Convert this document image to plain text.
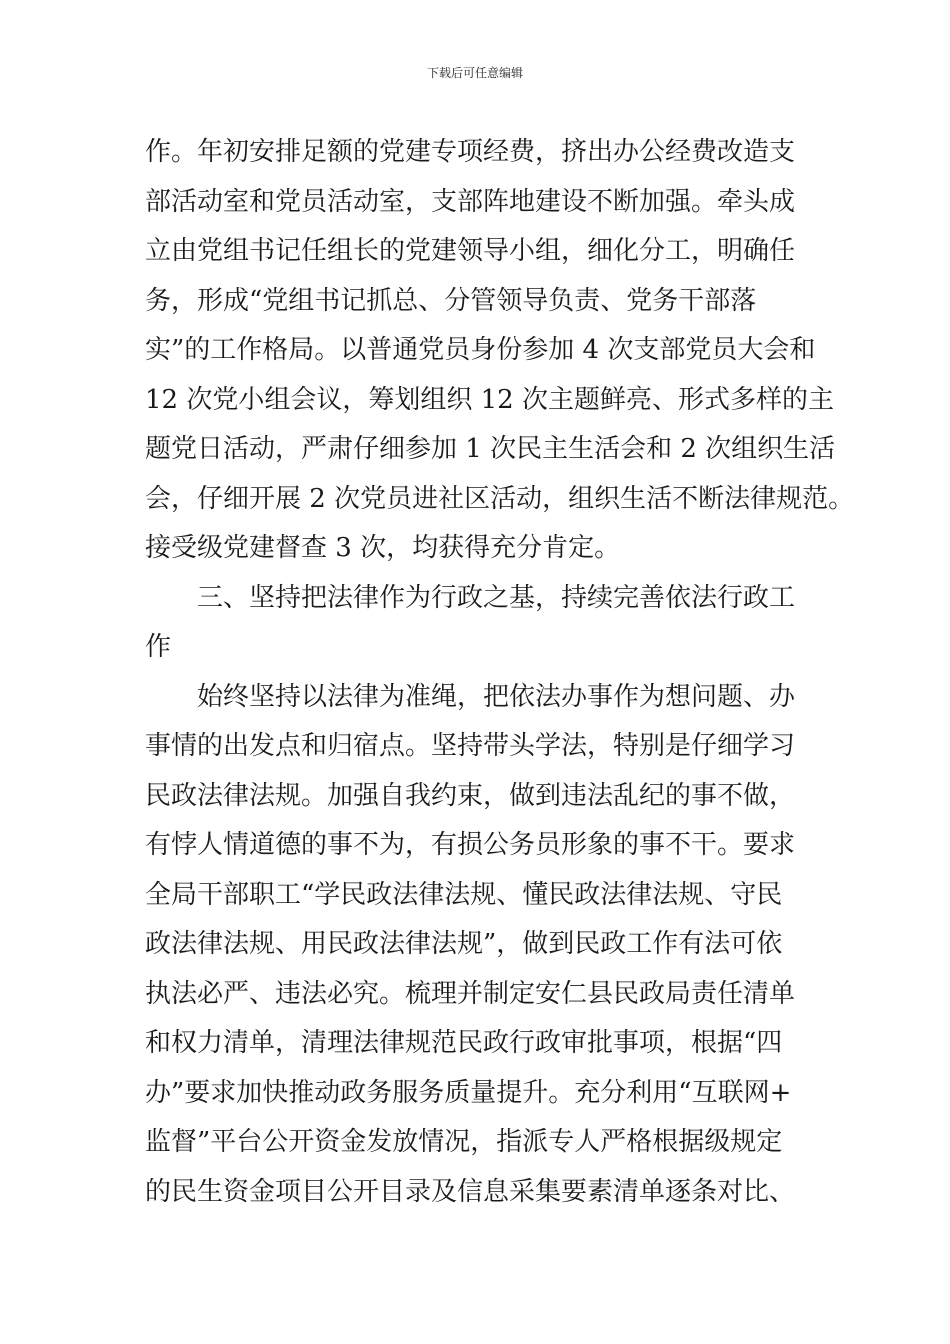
下载后可任意编辑
作。年初安排足额的党建专项经费，挤出办公经费改造支
部活动室和党员活动室，支部阵地建设不断加强。牵头成
立由党组书记任组长的党建领导小组，细化分工，明确任
务，形成“党组书记抓总、分管领导负责、党务干部落
实”的工作格局。以普通党员身份参加 4 次支部党员大会和
12 次党小组会议，筹划组织 12 次主题鲜亮、形式多样的主
题党日活动，严肃仔细参加 1 次民主生活会和 2 次组织生活
会，仔细开展 2 次党员进社区活动，组织生活不断法律规范。
接受级党建督查 3 次，均获得充分肯定。
三、坚持把法律作为行政之基，持续完善依法行政工
作
始终坚持以法律为准绳，把依法办事作为想问题、办
事情的出发点和归宿点。坚持带头学法，特别是仔细学习
民政法律法规。加强自我约束，做到违法乱纪的事不做，
有悖人情道德的事不为，有损公务员形象的事不干。要求
全局干部职工“学民政法律法规、懂民政法律法规、守民
政法律法规、用民政法律法规”，做到民政工作有法可依
执法必严、违法必究。梳理并制定安仁县民政局责任清单
和权力清单，清理法律规范民政行政审批事项，根据“四
办”要求加快推动政务服务质量提升。充分利用“互联网+
监督”平台公开资金发放情况，指派专人严格根据级规定
的民生资金项目公开目录及信息采集要素清单逐条对比、
